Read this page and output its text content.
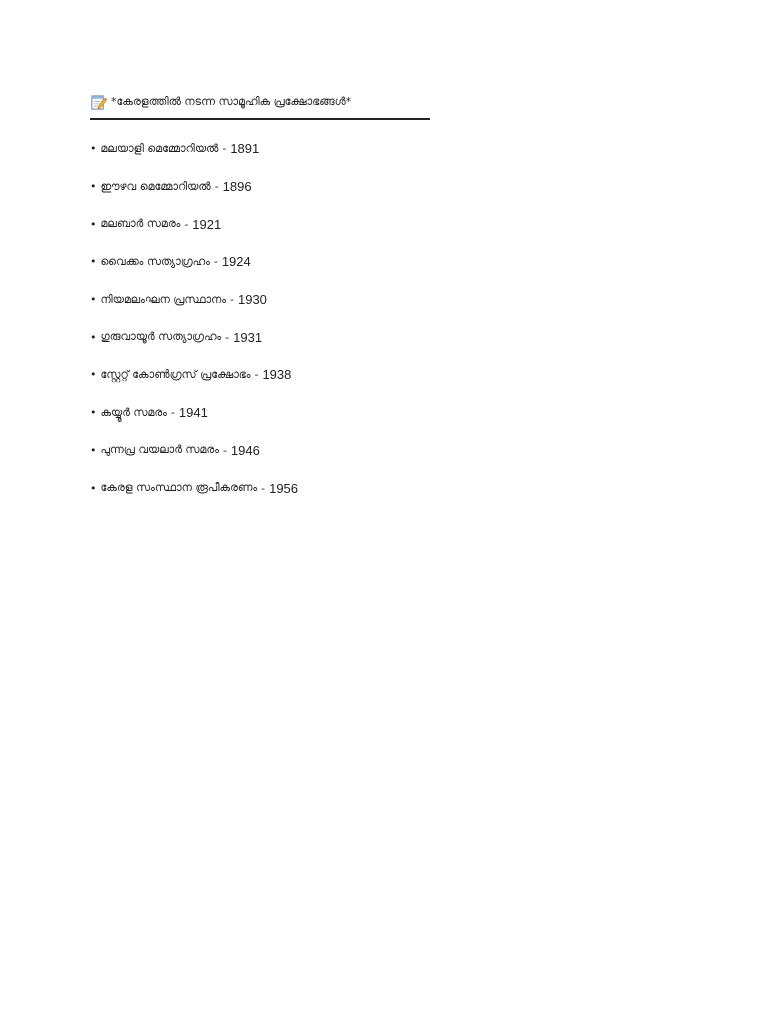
*കേരളത്തിൽ നടന്ന സാമൂഹിക പ്രക്ഷോഭങ്ങൾ*
• മലയാളി മെമ്മോറിയൽ - 1891
• ഈഴവ മെമ്മോറിയൽ - 1896
• മലബാർ സമരം - 1921
• വൈക്കം സത്യാഗ്രഹം - 1924
• നിയമലംഘന പ്രസ്ഥാനം - 1930
• ഗുരുവായൂർ സത്യാഗ്രഹം - 1931
• സ്റ്റേറ്റ് കോൺഗ്രസ് പ്രക്ഷോഭം - 1938
• കയ്യൂർ സമരം - 1941
• പുന്നപ്ര വയലാർ സമരം - 1946
• കേരള സംസ്ഥാന രൂപീകരണം - 1956
